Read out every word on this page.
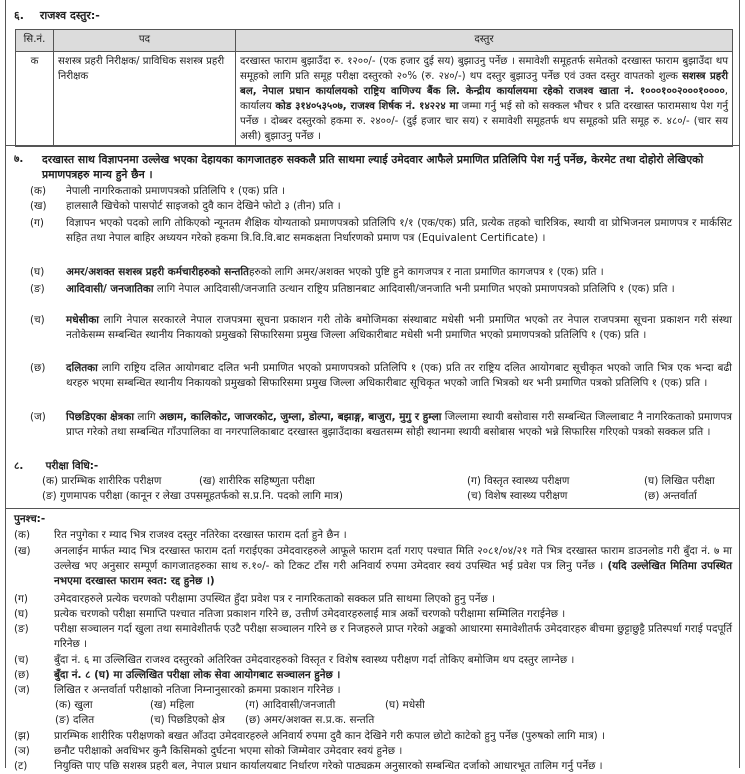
६. राजश्व दस्तुर:-
सि.नं.	पद	दस्तुर
क	सशस्त्र प्रहरी निरीक्षक/ प्राविधिक सशस्त्र प्रहरी निरीक्षक	दरखास्त फाराम बुझाउँदा रु. १२००/- (एक हजार दुई सय) बुझाउनु पर्नेछ । समावेशी समूहतर्फ समेतको दरखास्त फाराम बुझाउँदा थप समूहको लागि प्रति समूह परीक्षा दस्तुरको २०% (रु. २४०/-) थप दस्तुर बुझाउनु पर्नेछ एवं उक्त दस्तुर वापतको शुल्क सशस्त्र प्रहरी बल, नेपाल प्रधान कार्यालयको राष्ट्रिय वाणिज्य बैंक लि. केन्द्रीय कार्यालयमा रहेको राजश्व खाता नं. १०००१००२०००१००००, कार्यालय कोड ३१४०५३५०७, राजश्व शिर्षक नं. १४२२४ मा जम्मा गर्नु भई सो को सक्कल भौचर १ प्रति दरखास्त फारामसाथ पेश गर्नु पर्नेछ । दोब्बर दस्तुरको हकमा रु. २४००/- (दुई हजार चार सय) र समावेशी समूहतर्फ थप समूहको प्रति समूह रु. ४८०/- (चार सय असी) बुझाउनु पर्नेछ ।
७. दरखास्त साथ विज्ञापनमा उल्लेख भएका देहायका कागजातहरु सक्कलै प्रति साथमा ल्याई उमेदवार आफैले प्रमाणित प्रतिलिपि पेश गर्नु पर्नेछ, केरमेट तथा दोहोरो लेखिएको प्रमाणपत्रहरु मान्य हुने छैन ।
(क)	नेपाली नागरिकताको प्रमाणपत्रको प्रतिलिपि १ (एक) प्रति ।
(ख)	हालसालै खिचेको पासपोर्ट साइजको दुवै कान देखिने फोटो ३ (तीन) प्रति ।
(ग)	विज्ञापन भएको पदको लागि तोकिएको न्यूनतम शैक्षिक योग्यताको प्रमाणपत्रको प्रतिलिपि १/१ (एक/एक) प्रति, प्रत्येक तहको चारित्रिक, स्थायी वा प्रोभिजनल प्रमाणपत्र र मार्कसिट सहित तथा नेपाल बाहिर अध्ययन गरेको हकमा त्रि.वि.वि.बाट समकक्षता निर्धारणको प्रमाण पत्र (Equivalent Certificate) ।
(घ)	अमर/अशक्त सशस्त्र प्रहरी कर्मचारीहरुको सन्ततिहरुको लागि अमर/अशक्त भएको पुष्टि हुने कागजपत्र र नाता प्रमाणित कागजपत्र १ (एक) प्रति ।
(ङ)	आदिवासी/ जनजातिका लागि नेपाल आदिवासी/जनजाति उत्थान राष्ट्रिय प्रतिष्ठानबाट आदिवासी/जनजाति भनी प्रमाणित भएको प्रमाणपत्रको प्रतिलिपि १ (एक) प्रति ।
(च)	मधेसीका लागि नेपाल सरकारले नेपाल राजपत्रमा सूचना प्रकाशन गरी तोके बमोजिमका संस्थाबाट मधेसी भनी प्रमाणित भएको तर नेपाल राजपत्रमा सूचना प्रकाशन गरी संस्था नतोकेसम्म सम्बन्धित स्थानीय निकायको प्रमुखको सिफारिसमा प्रमुख जिल्ला अधिकारीबाट मधेसी भनी प्रमाणित भएको प्रमाणपत्रको प्रतिलिपि १ (एक) प्रति ।
(छ)	दलितका लागि राष्ट्रिय दलित आयोगबाट दलित भनी प्रमाणित भएको प्रमाणपत्रको प्रतिलिपि १ (एक) प्रति तर राष्ट्रिय दलित आयोगबाट सूचीकृत भएको जाति भित्र एक भन्दा बढी थरहरु भएमा सम्बन्धित स्थानीय निकायको प्रमुखको सिफारिसमा प्रमुख जिल्ला अधिकारीबाट सूचिकृत भएको जाति भित्रको थर भनी प्रमाणित पत्रको प्रतिलिपि १ (एक) प्रति ।
(ज)	पिछडिएका क्षेत्रका लागि अछाम, कालिकोट, जाजरकोट, जुम्ला, डोल्पा, बझाङ्ग, बाजुरा, मुगु र हुम्ला जिल्लामा स्थायी बसोवास गरी सम्बन्धित जिल्लाबाट नै नागरिकताको प्रमाणपत्र प्राप्त गरेको तथा सम्बन्धित गाँउपालिका वा नगरपालिकाबाट दरखास्त बुझाउँदाका बखतसम्म सोही स्थानमा स्थायी बसोबास भएको भन्ने सिफारिस गरिएको पत्रको सक्कल प्रति ।
८. परीक्षा विधि:-
(क) प्रारम्भिक शारीरिक परीक्षण	(ख) शारीरिक सहिष्णुता परीक्षा	(ग) विस्तृत स्वास्थ्य परीक्षण	(घ) लिखित परीक्षा
(ङ) गुणमापक परीक्षा (कानून र लेखा उपसमूहतर्फको स.प्र.नि. पदको लागि मात्र)	(च) विशेष स्वास्थ्य परीक्षण	(छ) अन्तर्वार्ता
पुनश्च:-
(क)	रित नपुगेका र म्याद भित्र राजश्व दस्तुर नतिरेका दरखास्त फाराम दर्ता हुने छैन ।
(ख)	अनलाईन मार्फत म्याद भित्र दरखास्त फाराम दर्ता गराईएका उमेदवारहरुले आफूले फाराम दर्ता गराए पश्चात मिति २०८१/०४/२१ गते भित्र दरखास्त फाराम डाउनलोड गरी बुँदा नं. ७ मा उल्लेख भए अनुसार सम्पूर्ण कागजातहरुका साथ रु.१०/- को टिकट टाँस गरी अनिवार्य रुपमा उमेदवार स्वयं उपस्थित भई प्रवेश पत्र लिनु पर्नेछ । (यदि उल्लेखित मितिमा उपस्थित नभएमा दरखास्त फाराम स्वत: रद्द हुनेछ ।)
(ग)	उमेदवारहरुले प्रत्येक चरणको परीक्षामा उपस्थित हुँदा प्रवेश पत्र र नागरिकताको सक्कल प्रति साथमा लिएको हुनु पर्नेछ ।
(घ)	प्रत्येक चरणको परीक्षा समाप्ति पश्चात नतिजा प्रकाशन गरिने छ, उत्तीर्ण उमेदवारहरुलाई मात्र अर्को चरणको परीक्षामा सम्मिलित गराईनेछ ।
(ङ)	परीक्षा सञ्चालन गर्दा खुला तथा समावेशीतर्फ एउटै परीक्षा सञ्चालन गरिने छ र निजहरुले प्राप्त गरेको अङ्कको आधारमा समावेशीतर्फ उमेदवारहरु बीचमा छुट्टाछुट्टै प्रतिस्पर्धा गराई पदपूर्ति गरिनेछ ।
(च)	बुँदा नं. ६ मा उल्लिखित राजश्व दस्तुरको अतिरिक्त उमेदवारहरुको विस्तृत र विशेष स्वास्थ्य परीक्षण गर्दा तोकिए बमोजिम थप दस्तुर लाग्नेछ ।
(छ)	बुँदा नं. ८ (घ) मा उल्लिखित परीक्षा लोक सेवा आयोगबाट सञ्चालन हुनेछ ।
(ज)	लिखित र अन्तर्वार्ता परीक्षाको नतिजा निम्नानुसारको क्रममा प्रकाशन गरिनेछ ।
(क) खुला	(ख) महिला	(ग) आदिवासी/जनजाती	(घ) मधेसी
(ङ) दलित	(च) पिछडिएको क्षेत्र (छ) अमर/अशक्त स.प्र.क. सन्तति
(झ)	प्रारम्भिक शारीरिक परीक्षणको बखत आँउदा उमेदवारहरुले अनिवार्य रुपमा दुवै कान देखिने गरी कपाल छोटो काटेको हुनु पर्नेछ (पुरुषको लागि मात्र) ।
(ञ)	छनौट परीक्षाको अवधिभर कुनै किसिमको दुर्घटना भएमा सोको जिम्मेवार उमेदवार स्वयं हुनेछ ।
(ट)	नियुक्ति पाए पछि सशस्त्र प्रहरी बल, नेपाल प्रधान कार्यालयबाट निर्धारण गरेको पाठ्यक्रम अनुसारको सम्बन्धित दर्जाको आधारभूत तालिम गर्नु पर्नेछ ।
